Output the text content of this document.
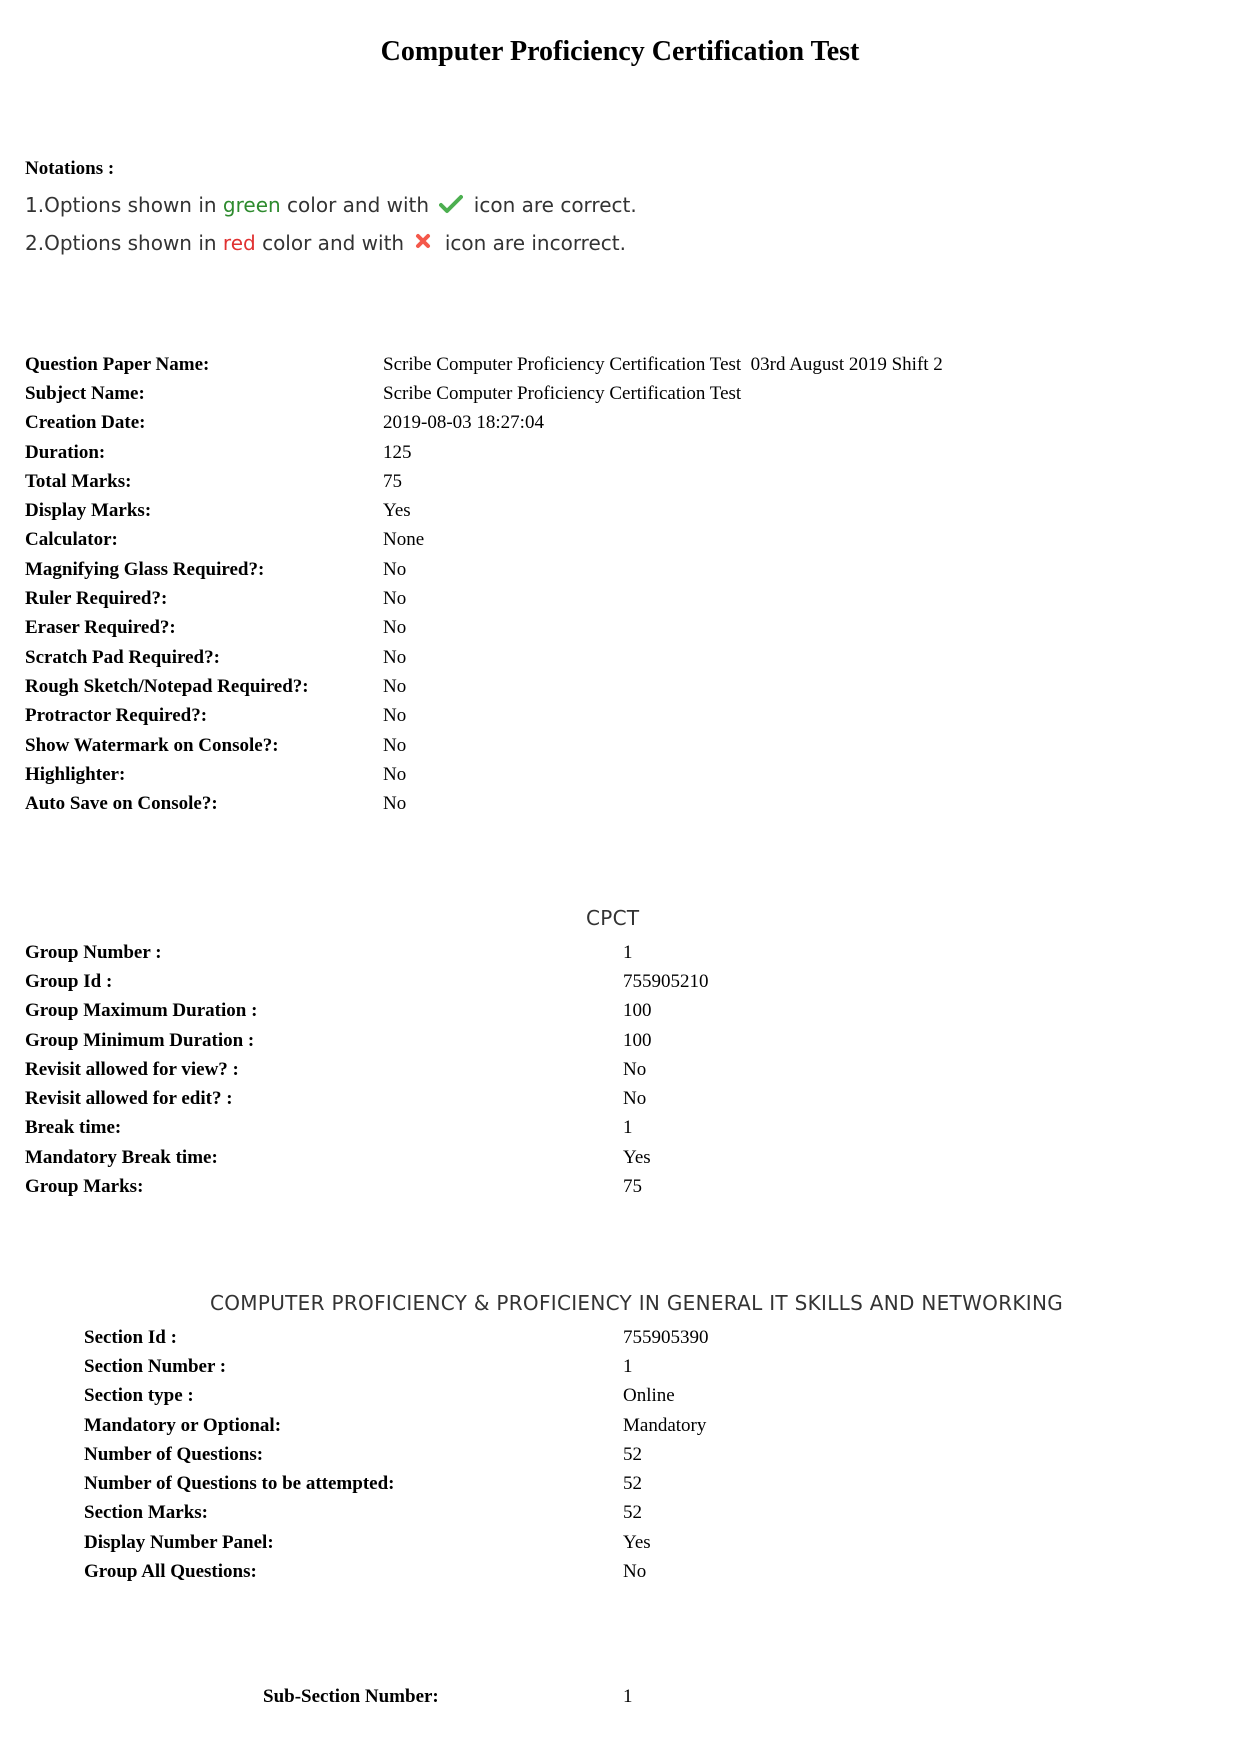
Computer Proficiency Certification Test
Notations :
1.Options shown in green color and with  icon are correct.
2.Options shown in red color and with  icon are incorrect.
Question Paper Name:	Scribe Computer Proficiency Certification Test  03rd August 2019 Shift 2
Subject Name:	Scribe Computer Proficiency Certification Test
Creation Date:	2019-08-03 18:27:04
Duration:	125
Total Marks:	75
Display Marks:	Yes
Calculator:	None
Magnifying Glass Required?:	No
Ruler Required?:	No
Eraser Required?:	No
Scratch Pad Required?:	No
Rough Sketch/Notepad Required?:	No
Protractor Required?:	No
Show Watermark on Console?:	No
Highlighter:	No
Auto Save on Console?:	No
CPCT
Group Number :	1
Group Id :	755905210
Group Maximum Duration :	100
Group Minimum Duration :	100
Revisit allowed for view? :	No
Revisit allowed for edit? :	No
Break time:	1
Mandatory Break time:	Yes
Group Marks:	75
COMPUTER PROFICIENCY & PROFICIENCY IN GENERAL IT SKILLS AND NETWORKING
Section Id :	755905390
Section Number :	1
Section type :	Online
Mandatory or Optional:	Mandatory
Number of Questions:	52
Number of Questions to be attempted:	52
Section Marks:	52
Display Number Panel:	Yes
Group All Questions:	No
Sub-Section Number:	1
